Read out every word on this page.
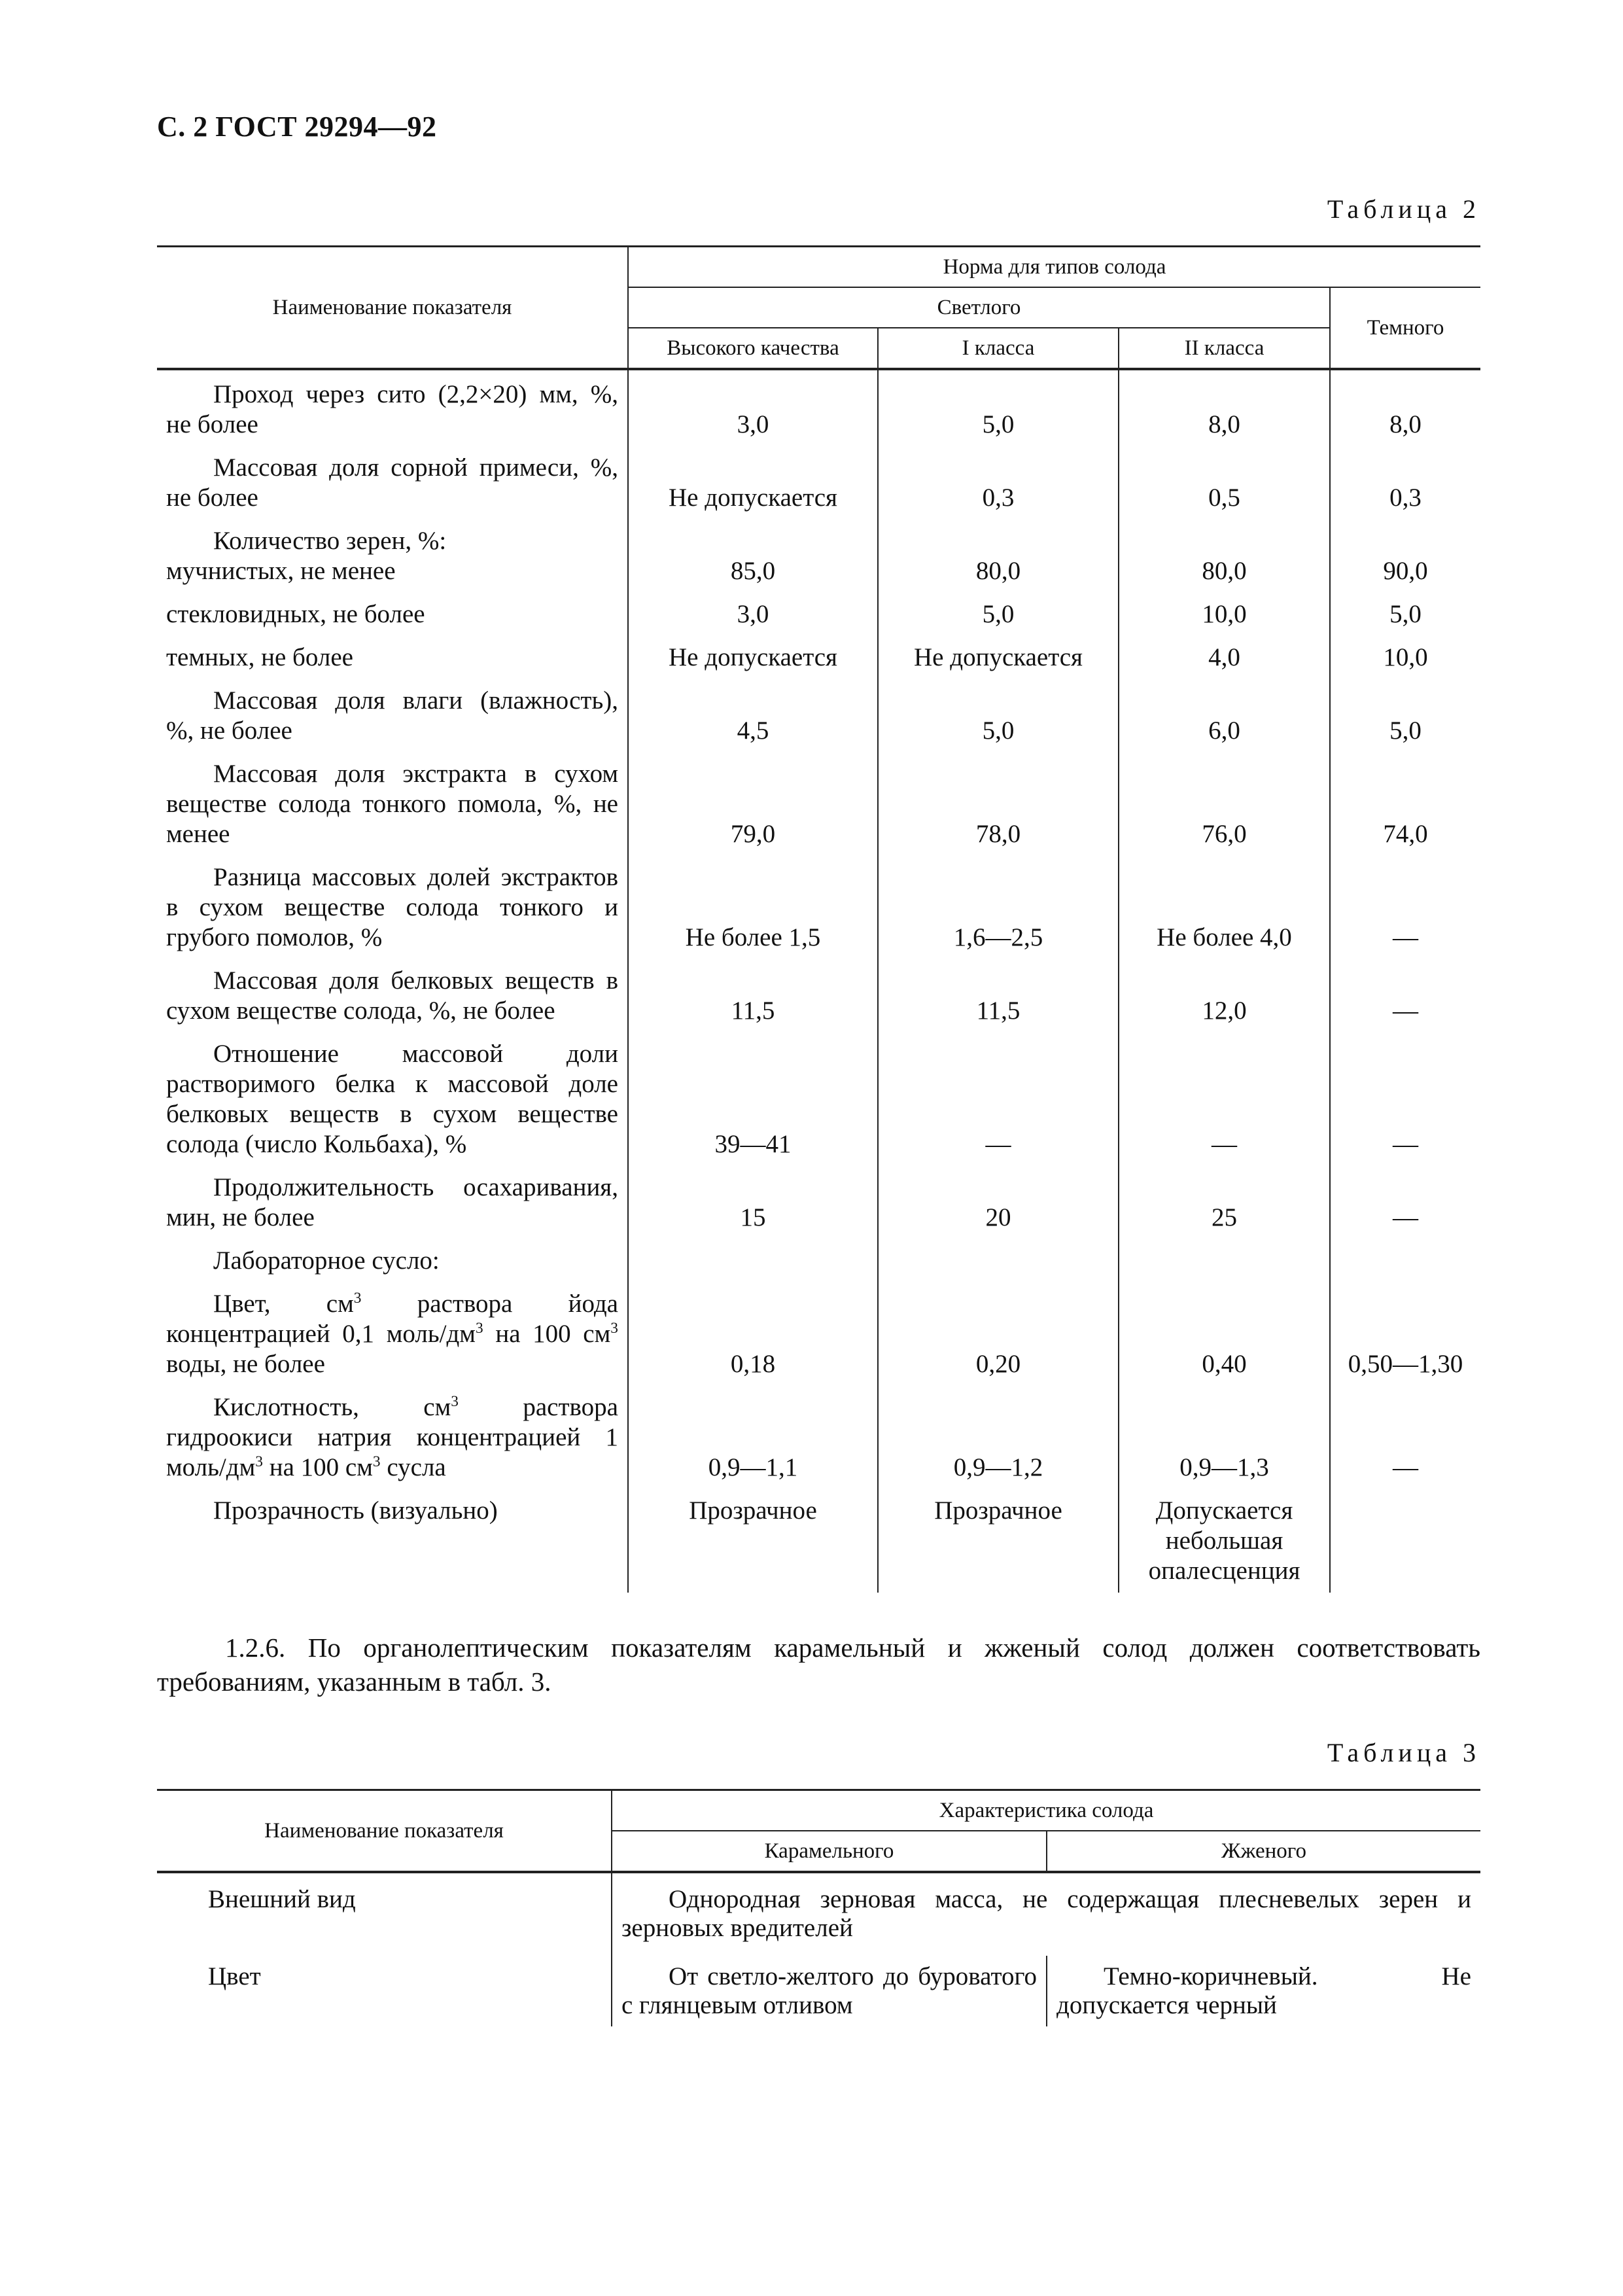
С. 2 ГОСТ 29294—92
Таблица 2
Наименование показателя	Норма для типов солода			
	Светлого			Темного
	Высокого качества	I класса	II класса	
Проход через сито (2,2×20) мм, %, не более	3,0	5,0	8,0	8,0
Массовая доля сорной примеси, %, не более	Не допускается	0,3	0,5	0,3
Количество зерен, %:				
мучнистых, не менее	85,0	80,0	80,0	90,0
стекловидных, не более	3,0	5,0	10,0	5,0
темных, не более	Не допускается	Не допускается	4,0	10,0
Массовая доля влаги (влажность), %, не более	4,5	5,0	6,0	5,0
Массовая доля экстракта в сухом веществе солода тонкого помола, %, не менее	79,0	78,0	76,0	74,0
Разница массовых долей экстрактов в сухом веществе солода тонкого и грубого помолов, %	Не более 1,5	1,6—2,5	Не более 4,0	—
Массовая доля белковых веществ в сухом веществе солода, %, не более	11,5	11,5	12,0	—
Отношение массовой доли растворимого белка к массовой доле белковых веществ в сухом веществе солода (число Кольбаха), %	39—41	—	—	—
Продолжительность осахаривания, мин, не более	15	20	25	—
Лабораторное сусло:				
Цвет, $см^3$ раствора йода концентрацией 0,1 моль/$дм^3$ на 100 $см^3$ воды, не более	0,18	0,20	0,40	0,50—1,30
Кислотность, $см^3$ раствора гидроокиси натрия концентрацией 1 моль/$дм^3$ на 100 $см^3$ сусла	0,9—1,1	0,9—1,2	0,9—1,3	—
Прозрачность (визуально)	Прозрачное	Прозрачное	Допускается небольшая опалесценция	
1.2.6. По органолептическим показателям карамельный и жженый солод должен соответствовать требованиям, указанным в табл. 3.
Таблица 3
Наименование показателя	Характеристика солода	
	Карамельного	Жженого
Внешний вид	Однородная зерновая масса, не содержащая плесневелых зерен и зерновых вредителей	
Цвет	От светло-желтого до буроватого с глянцевым отливом	Темно-коричневый. Не допускается черный
